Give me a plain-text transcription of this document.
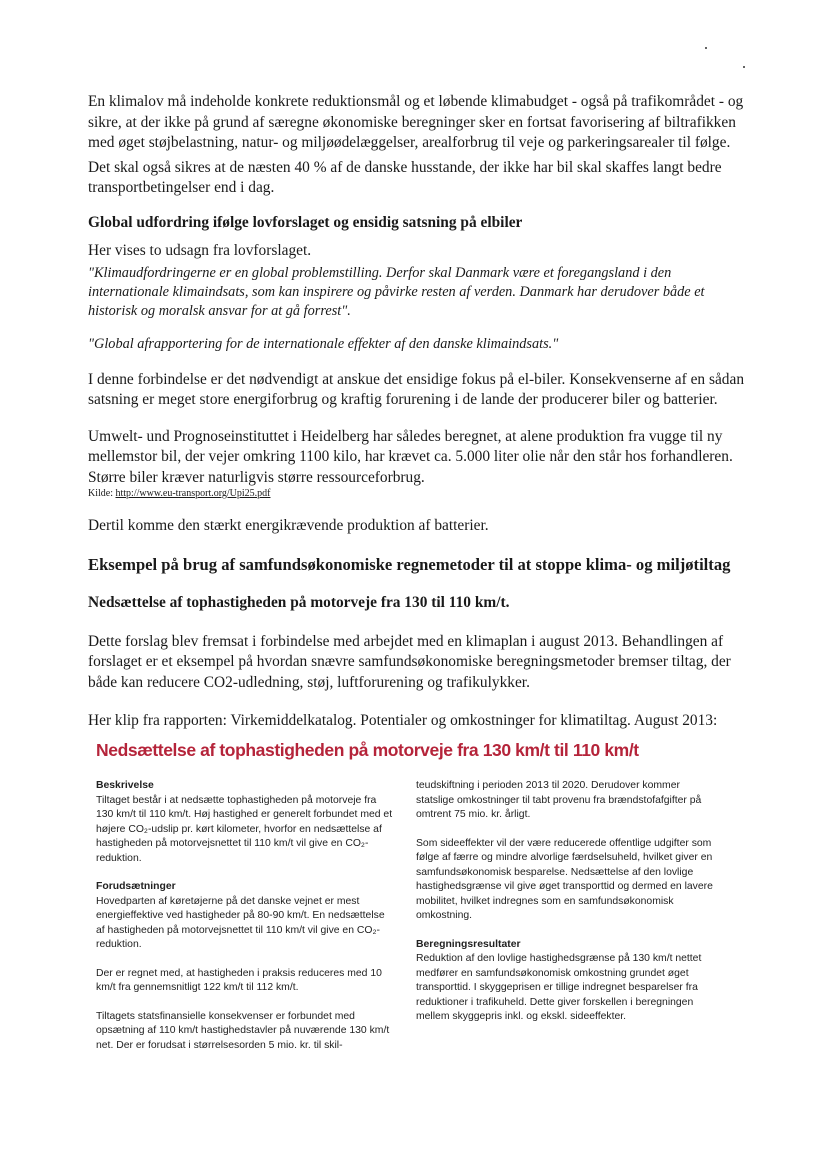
En klimalov må indeholde konkrete reduktionsmål og et løbende klimabudget - også på trafikområdet - og sikre, at der ikke på grund af særegne økonomiske beregninger sker en fortsat favorisering af biltrafikken med øget støjbelastning, natur- og miljøødelæggelser, arealforbrug til veje og parkeringsarealer til følge.

Det skal også sikres at de næsten 40 % af de danske husstande, der ikke har bil skal skaffes langt bedre transportbetingelser end i dag.

Global udfordring ifølge lovforslaget og ensidig satsning på elbiler

Her vises to udsagn fra lovforslaget.

"Klimaudfordringerne er en global problemstilling. Derfor skal Danmark være et foregangsland i den internationale klimaindsats, som kan inspirere og påvirke resten af verden. Danmark har derudover både et historisk og moralsk ansvar for at gå forrest".

"Global afrapportering for de internationale effekter af den danske klimaindsats."

I denne forbindelse er det nødvendigt at anskue det ensidige fokus på el-biler. Konsekvenserne af en sådan satsning er meget store energiforbrug og kraftig forurening i de lande der producerer biler og batterier.

Umwelt- und Prognoseinstituttet i Heidelberg har således beregnet, at alene produktion fra vugge til ny mellemstor bil, der vejer omkring 1100 kilo, har krævet ca. 5.000 liter olie når den står hos forhandleren. Større biler kræver naturligvis større ressourceforbrug.

Kilde: http://www.eu-transport.org/Upi25.pdf

Dertil komme den stærkt energikrævende produktion af batterier.

Eksempel på brug af samfundsøkonomiske regnemetoder til at stoppe klima- og miljøtiltag

Nedsættelse af tophastigheden på motorveje fra 130 til 110 km/t.

Dette forslag blev fremsat i forbindelse med arbejdet med en klimaplan i august 2013. Behandlingen af forslaget er et eksempel på hvordan snævre samfundsøkonomiske beregningsmetoder bremser tiltag, der både kan reducere CO2-udledning, støj, luftforurening og trafikulykker.

Her klip fra rapporten: Virkemiddelkatalog. Potentialer og omkostninger for klimatiltag. August 2013:

Nedsættelse af tophastigheden på motorveje fra 130 km/t til 110 km/t

Beskrivelse
Tiltaget består i at nedsætte tophastigheden på motorveje fra 130 km/t til 110 km/t. Høj hastighed er generelt forbundet med et højere CO₂-udslip pr. kørt kilometer, hvorfor en nedsættelse af hastigheden på motorvejsnettet til 110 km/t vil give en CO₂-reduktion.

Forudsætninger
Hovedparten af køretøjerne på det danske vejnet er mest energieffektive ved hastigheder på 80-90 km/t. En nedsættelse af hastigheden på motorvejsnettet til 110 km/t vil give en CO₂-reduktion.

Der er regnet med, at hastigheden i praksis reduceres med 10 km/t fra gennemsnitligt 122 km/t til 112 km/t.

Tiltagets statsfinansielle konsekvenser er forbundet med opsætning af 110 km/t hastighedstavler på nuværende 130 km/t net. Der er forudsat i størrelsesorden 5 mio. kr. til skil-

teudskiftning i perioden 2013 til 2020. Derudover kommer statslige omkostninger til tabt provenu fra brændstofafgifter på omtrent 75 mio. kr. årligt.

Som sideeffekter vil der være reducerede offentlige udgifter som følge af færre og mindre alvorlige færdselsuheld, hvilket giver en samfundsøkonomisk besparelse. Nedsættelse af den lovlige hastighedsgrænse vil give øget transporttid og dermed en lavere mobilitet, hvilket indregnes som en samfundsøkonomisk omkostning.

Beregningsresultater
Reduktion af den lovlige hastighedsgrænse på 130 km/t nettet medfører en samfundsøkonomisk omkostning grundet øget transporttid. I skyggeprisen er tillige indregnet besparelser fra reduktioner i trafikuheld. Dette giver forskellen i beregningen mellem skyggepris inkl. og ekskl. sideeffekter.
